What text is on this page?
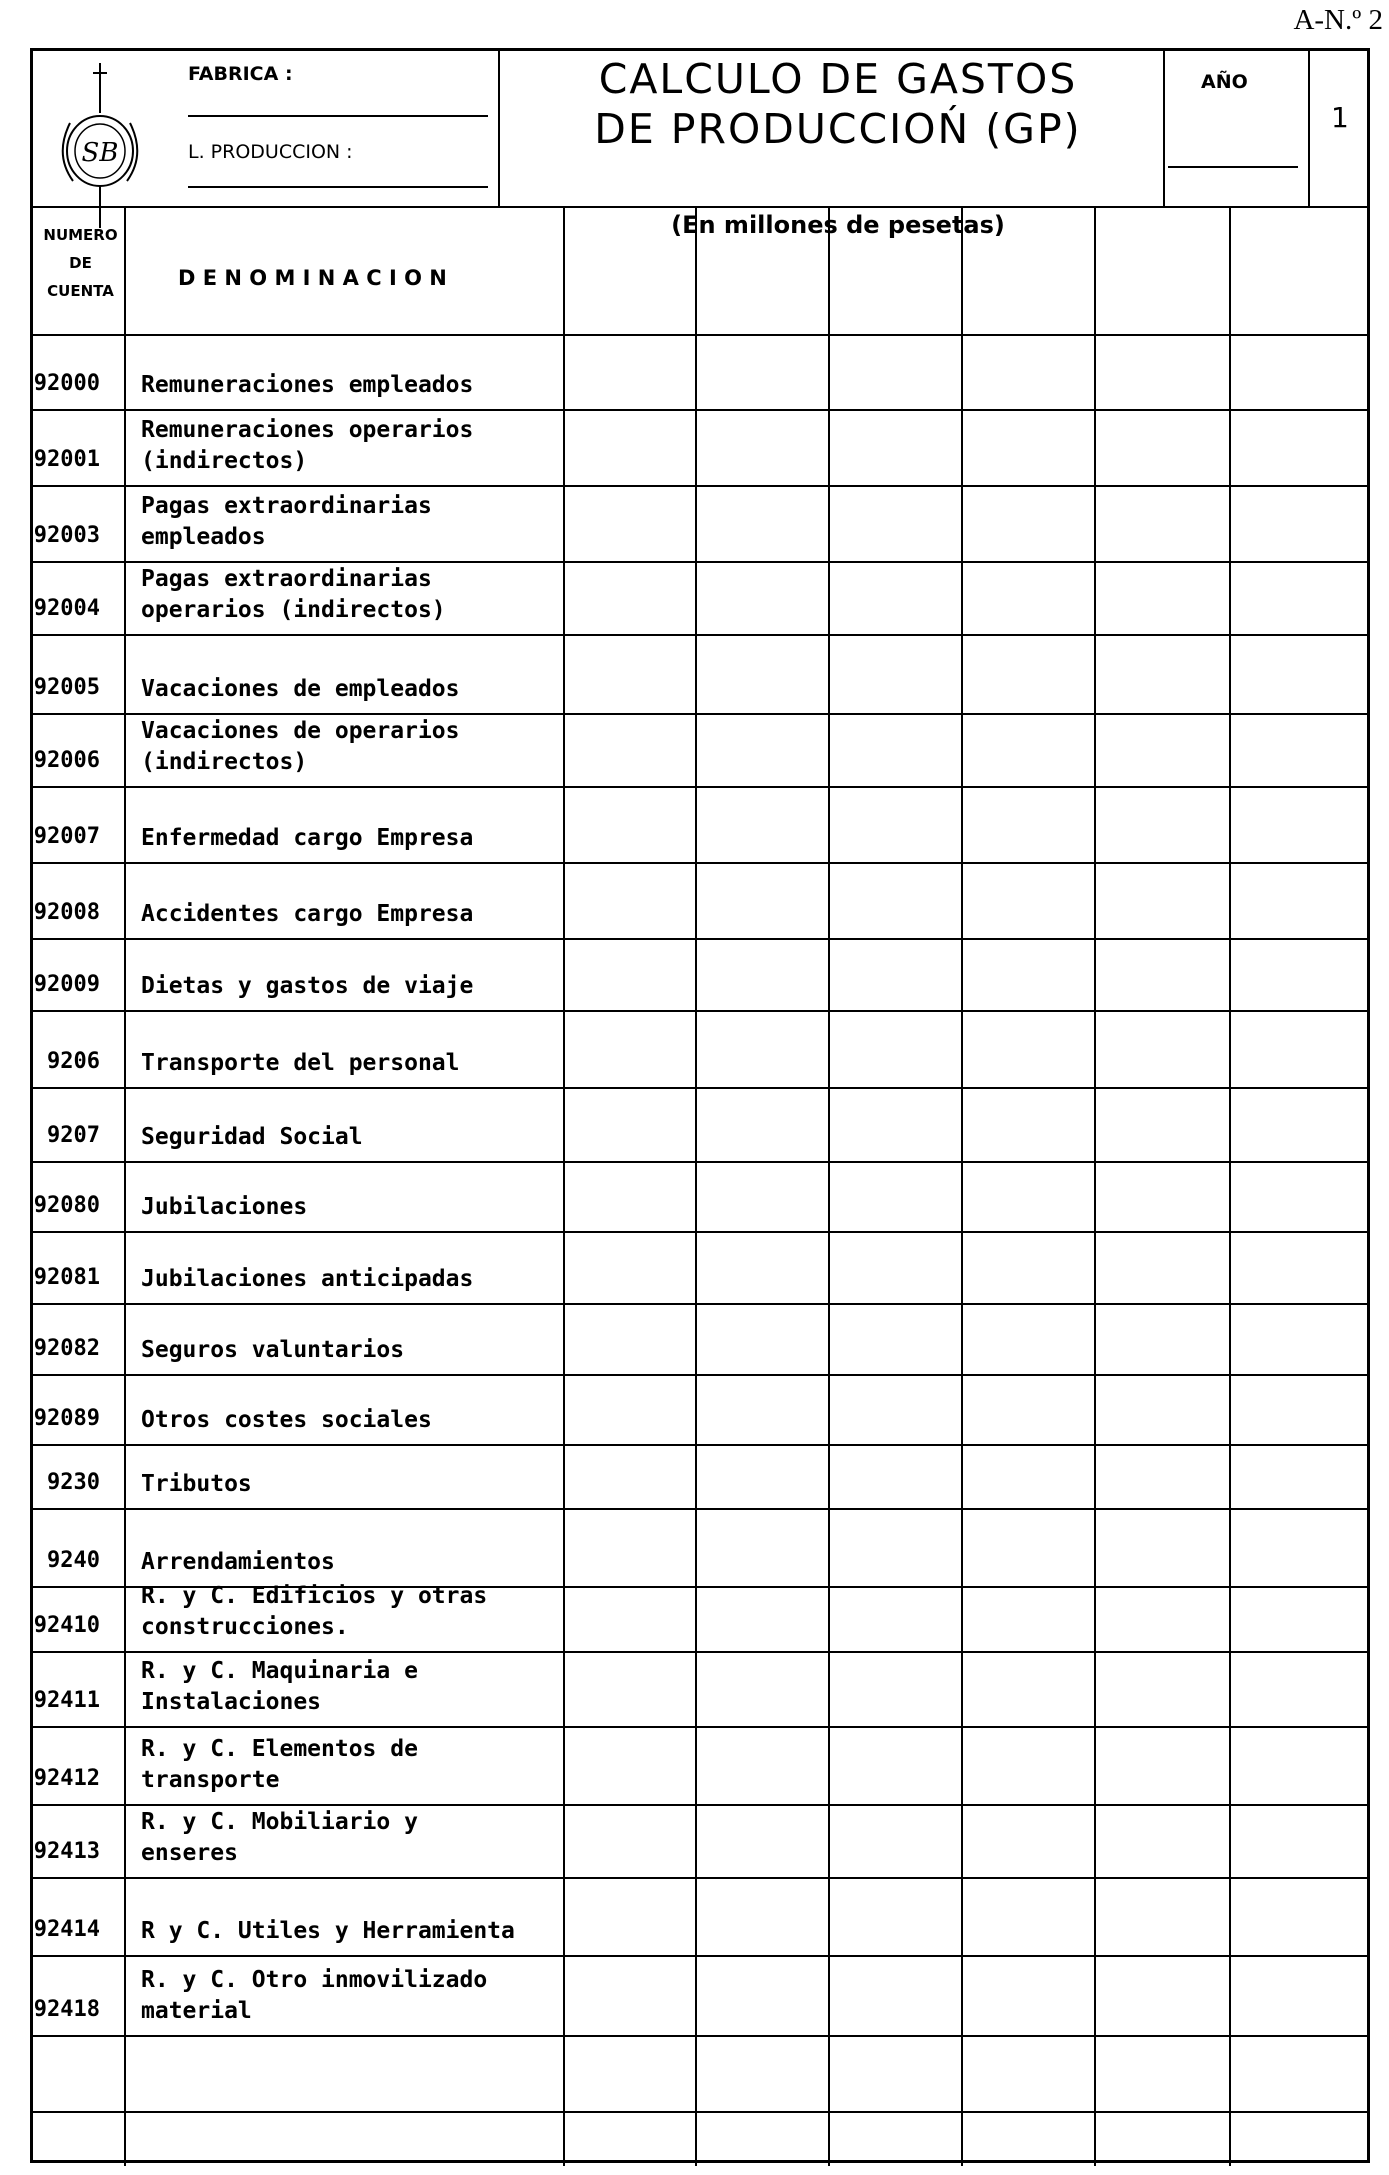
A-N.º 2
SB
FABRICA :
L. PRODUCCION :
CALCULO DE GASTOS
DE PRODUCCIOŃ (GP)
(En millones de pesetas)
AÑO
1
NUMERO
DE
CUENTA
D E N O M I N A C I O N
92000 Remuneraciones empleados
92001
Remuneraciones operarios
(indirectos)
92003
Pagas extraordinarias
empleados
92004
Pagas extraordinarias
operarios (indirectos)
92005 Vacaciones de empleados
92006
Vacaciones de operarios
(indirectos)
92007 Enfermedad cargo Empresa
92008 Accidentes cargo Empresa
92009 Dietas y gastos de viaje
9206 Transporte del personal
9207 Seguridad Social
92080 Jubilaciones
92081 Jubilaciones anticipadas
92082 Seguros valuntarios
92089 Otros costes sociales
9230 Tributos
9240 Arrendamientos
92410
R. y C. Edificios y otras
construcciones.
92411
R. y C. Maquinaria e
Instalaciones
92412
R. y C. Elementos de
transporte
92413
R. y C. Mobiliario y
enseres
92414 R y C. Utiles y Herramienta
92418
R. y C. Otro inmovilizado
material
